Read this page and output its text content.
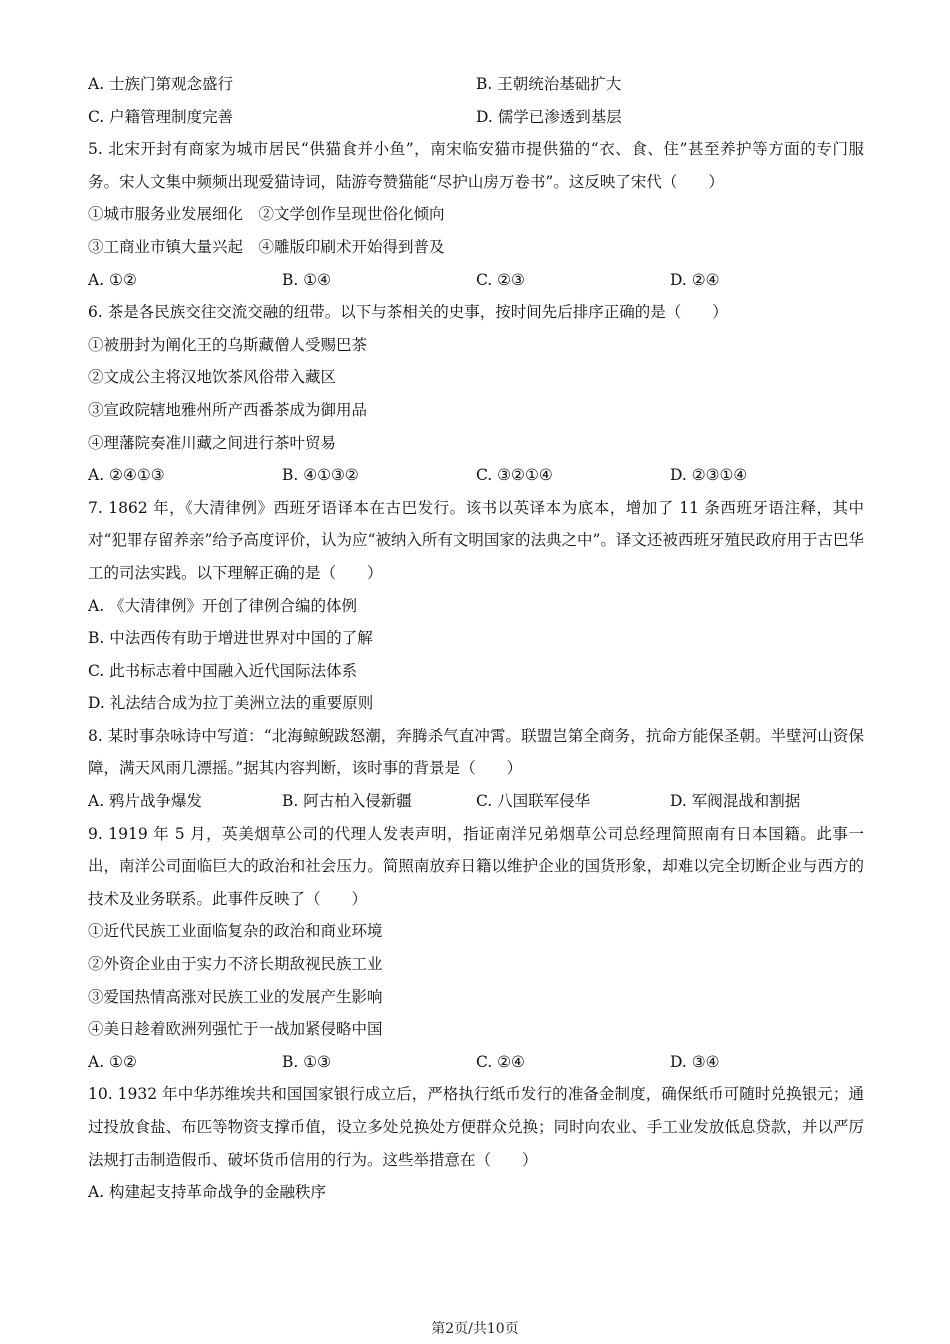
A. 士族门第观念盛行	B. 王朝统治基础扩大
C. 户籍管理制度完善	D. 儒学已渗透到基层
5. 北宋开封有商家为城市居民“供猫食并小鱼”，南宋临安猫市提供猫的“衣、食、住”甚至养护等方面的专门服务。宋人文集中频频出现爱猫诗词，陆游夸赞猫能“尽护山房万卷书”。这反映了宋代（　　）
①城市服务业发展细化　②文学创作呈现世俗化倾向
③工商业市镇大量兴起　④雕版印刷术开始得到普及
A. ①②	B. ①④	C. ②③	D. ②④
6. 茶是各民族交往交流交融的纽带。以下与茶相关的史事，按时间先后排序正确的是（　　）
①被册封为阐化王的乌斯藏僧人受赐巴茶
②文成公主将汉地饮茶风俗带入藏区
③宣政院辖地雅州所产西番茶成为御用品
④理藩院奏准川藏之间进行茶叶贸易
A. ②④①③	B. ④①③②	C. ③②①④	D. ②③①④
7. 1862 年，《大清律例》西班牙语译本在古巴发行。该书以英译本为底本，增加了 11 条西班牙语注释，其中对“犯罪存留养亲”给予高度评价，认为应“被纳入所有文明国家的法典之中”。译文还被西班牙殖民政府用于古巴华工的司法实践。以下理解正确的是（　　）
A. 《大清律例》开创了律例合编的体例
B. 中法西传有助于增进世界对中国的了解
C. 此书标志着中国融入近代国际法体系
D. 礼法结合成为拉丁美洲立法的重要原则
8. 某时事杂咏诗中写道：“北海鲸鲵跋怒潮，奔腾杀气直冲霄。联盟岂第全商务，抗命方能保圣朝。半壁河山资保障，满天风雨几漂摇。”据其内容判断，该时事的背景是（　　）
A. 鸦片战争爆发	B. 阿古柏入侵新疆	C. 八国联军侵华	D. 军阀混战和割据
9. 1919 年 5 月，英美烟草公司的代理人发表声明，指证南洋兄弟烟草公司总经理简照南有日本国籍。此事一出，南洋公司面临巨大的政治和社会压力。简照南放弃日籍以维护企业的国货形象，却难以完全切断企业与西方的技术及业务联系。此事件反映了（　　）
①近代民族工业面临复杂的政治和商业环境
②外资企业由于实力不济长期敌视民族工业
③爱国热情高涨对民族工业的发展产生影响
④美日趁着欧洲列强忙于一战加紧侵略中国
A. ①②	B. ①③	C. ②④	D. ③④
10. 1932 年中华苏维埃共和国国家银行成立后，严格执行纸币发行的准备金制度，确保纸币可随时兑换银元；通过投放食盐、布匹等物资支撑币值，设立多处兑换处方便群众兑换；同时向农业、手工业发放低息贷款，并以严厉法规打击制造假币、破坏货币信用的行为。这些举措意在（　　）
A. 构建起支持革命战争的金融秩序
第2页/共10页
